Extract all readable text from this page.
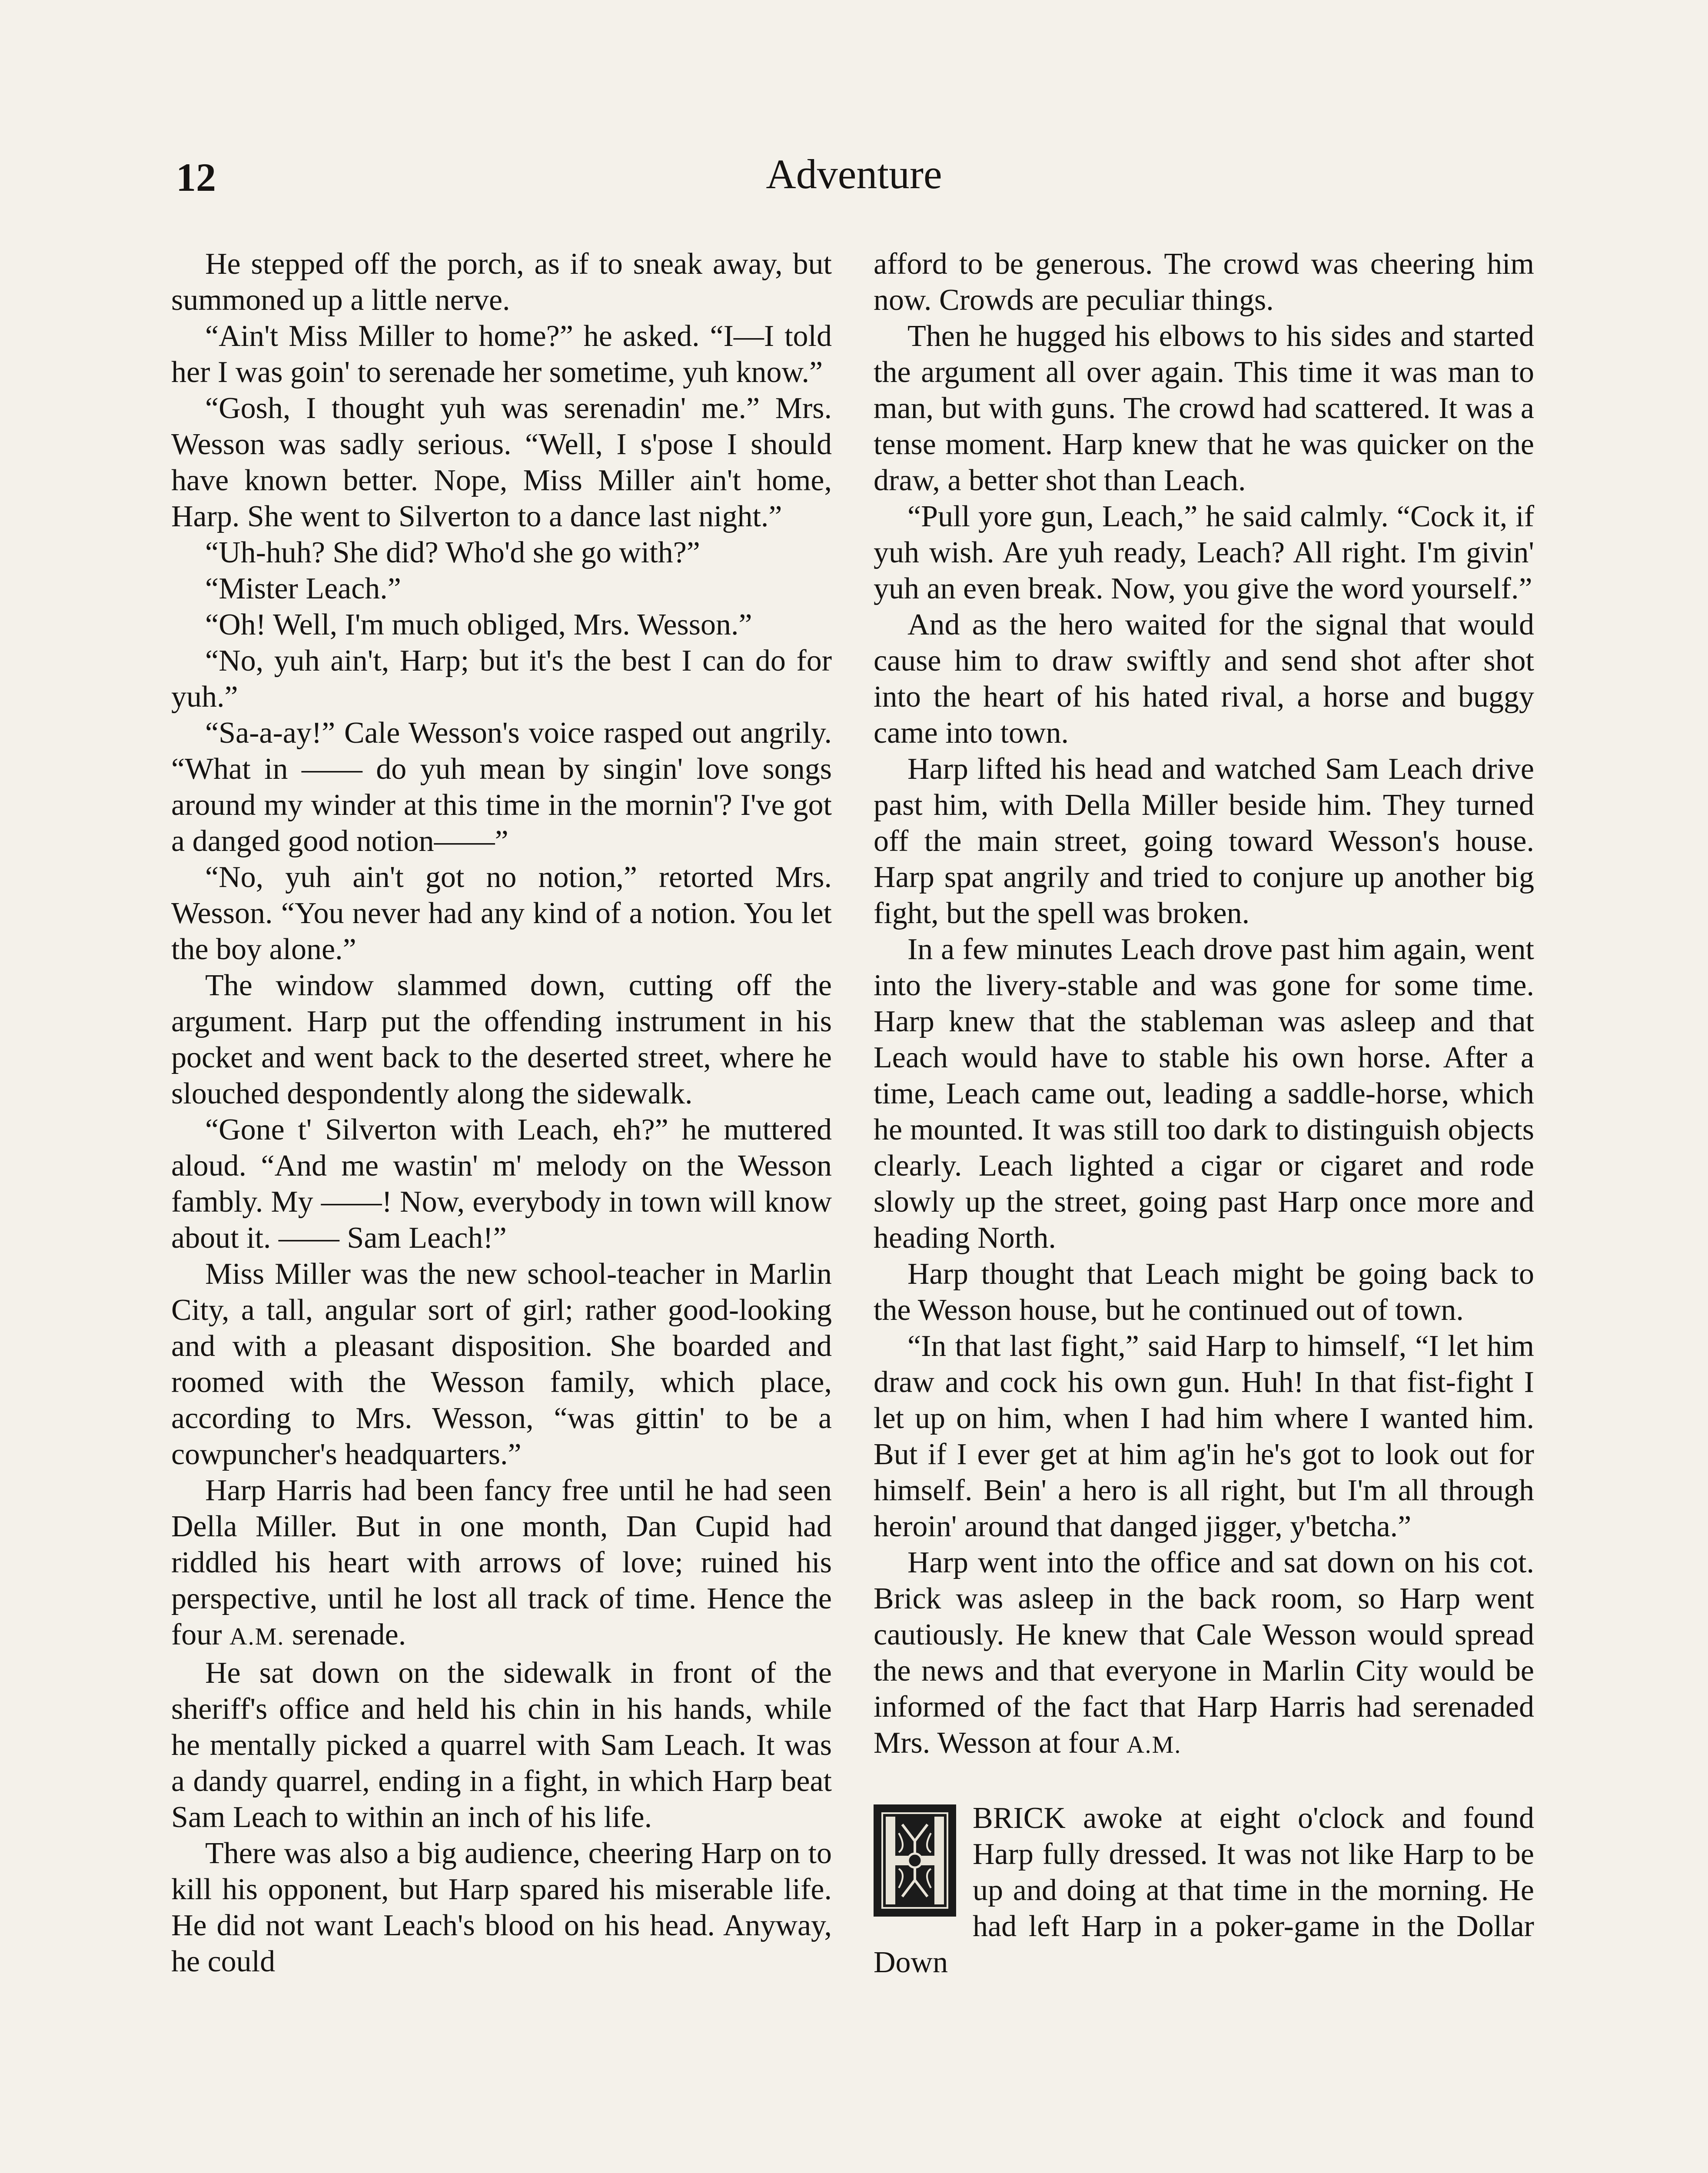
12	Adventure

He stepped off the porch, as if to sneak away, but summoned up a little nerve.

“Ain't Miss Miller to home?” he asked. “I—I told her I was goin' to serenade her sometime, yuh know.”

“Gosh, I thought yuh was serenadin' me.” Mrs. Wesson was sadly serious. “Well, I s'pose I should have known better. Nope, Miss Miller ain't home, Harp. She went to Silverton to a dance last night.”

“Uh-huh? She did? Who'd she go with?”

“Mister Leach.”

“Oh! Well, I'm much obliged, Mrs. Wesson.”

“No, yuh ain't, Harp; but it's the best I can do for yuh.”

“Sa-a-ay!” Cale Wesson's voice rasped out angrily. “What in —— do yuh mean by singin' love songs around my winder at this time in the mornin'? I've got a danged good notion——”

“No, yuh ain't got no notion,” retorted Mrs. Wesson. “You never had any kind of a notion. You let the boy alone.”

The window slammed down, cutting off the argument. Harp put the offending instrument in his pocket and went back to the deserted street, where he slouched despondently along the sidewalk.

“Gone t' Silverton with Leach, eh?” he muttered aloud. “And me wastin' m' melody on the Wesson fambly. My ——! Now, everybody in town will know about it. —— Sam Leach!”

Miss Miller was the new school-teacher in Marlin City, a tall, angular sort of girl; rather good-looking and with a pleasant disposition. She boarded and roomed with the Wesson family, which place, according to Mrs. Wesson, “was gittin' to be a cowpuncher's headquarters.”

Harp Harris had been fancy free until he had seen Della Miller. But in one month, Dan Cupid had riddled his heart with arrows of love; ruined his perspective, until he lost all track of time. Hence the four A.M. serenade.

He sat down on the sidewalk in front of the sheriff's office and held his chin in his hands, while he mentally picked a quarrel with Sam Leach. It was a dandy quarrel, ending in a fight, in which Harp beat Sam Leach to within an inch of his life.

There was also a big audience, cheering Harp on to kill his opponent, but Harp spared his miserable life. He did not want Leach's blood on his head. Anyway, he could

afford to be generous. The crowd was cheering him now. Crowds are peculiar things.

Then he hugged his elbows to his sides and started the argument all over again. This time it was man to man, but with guns. The crowd had scattered. It was a tense moment. Harp knew that he was quicker on the draw, a better shot than Leach.

“Pull yore gun, Leach,” he said calmly. “Cock it, if yuh wish. Are yuh ready, Leach? All right. I'm givin' yuh an even break. Now, you give the word yourself.”

And as the hero waited for the signal that would cause him to draw swiftly and send shot after shot into the heart of his hated rival, a horse and buggy came into town.

Harp lifted his head and watched Sam Leach drive past him, with Della Miller beside him. They turned off the main street, going toward Wesson's house. Harp spat angrily and tried to conjure up another big fight, but the spell was broken.

In a few minutes Leach drove past him again, went into the livery-stable and was gone for some time. Harp knew that the stableman was asleep and that Leach would have to stable his own horse. After a time, Leach came out, leading a saddle-horse, which he mounted. It was still too dark to distinguish objects clearly. Leach lighted a cigar or cigaret and rode slowly up the street, going past Harp once more and heading North.

Harp thought that Leach might be going back to the Wesson house, but he continued out of town.

“In that last fight,” said Harp to himself, “I let him draw and cock his own gun. Huh! In that fist-fight I let up on him, when I had him where I wanted him. But if I ever get at him ag'in he's got to look out for himself. Bein' a hero is all right, but I'm all through heroin' around that danged jigger, y'betcha.”

Harp went into the office and sat down on his cot. Brick was asleep in the back room, so Harp went cautiously. He knew that Cale Wesson would spread the news and that everyone in Marlin City would be informed of the fact that Harp Harris had serenaded Mrs. Wesson at four A.M.

BRICK awoke at eight o'clock and found Harp fully dressed. It was not like Harp to be up and doing at that time in the morning. He had left Harp in a poker-game in the Dollar Down
